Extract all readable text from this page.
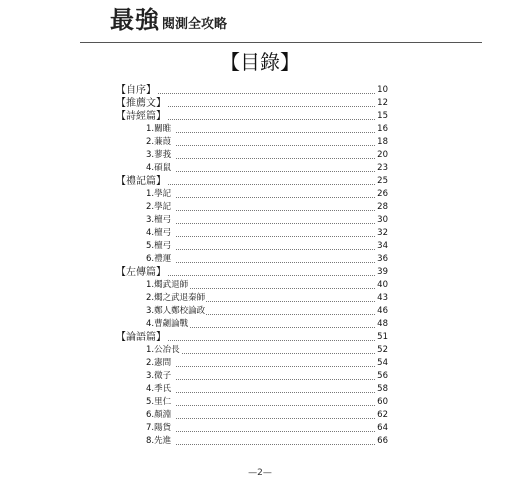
最強 閱測全攻略
【目錄】
【自序】	10
【推薦文】	12
【詩經篇】	15
1.關睢	16
2.蒹葭	18
3.蓼莪	20
4.碩鼠	23
【禮記篇】	25
1.學記	26
2.學記	28
3.檀弓	30
4.檀弓	32
5.檀弓	34
6.禮運	36
【左傳篇】	39
1.燭武退師	40
2.燭之武退秦師	43
3.鄭人鄭校論政	46
4.曹劌論戰	48
【論語篇】	51
1.公冶長	52
2.憲問	54
3.微子	56
4.季氏	58
5.里仁	60
6.顏淵	62
7.陽貨	64
8.先進	66
—2—
